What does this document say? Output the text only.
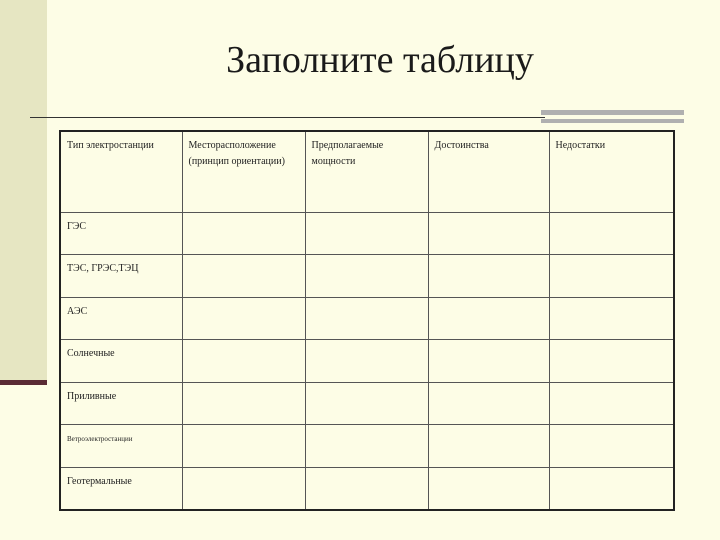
Заполните таблицу
Тип электростанции	Месторасположение (принцип ориентации)	Предполагаемые мощности	Достоинства	Недостатки
ГЭС				
ТЭС, ГРЭС,ТЭЦ				
АЭС				
Солнечные				
Приливные				
Ветроэлектростанции				
Геотермальные				
